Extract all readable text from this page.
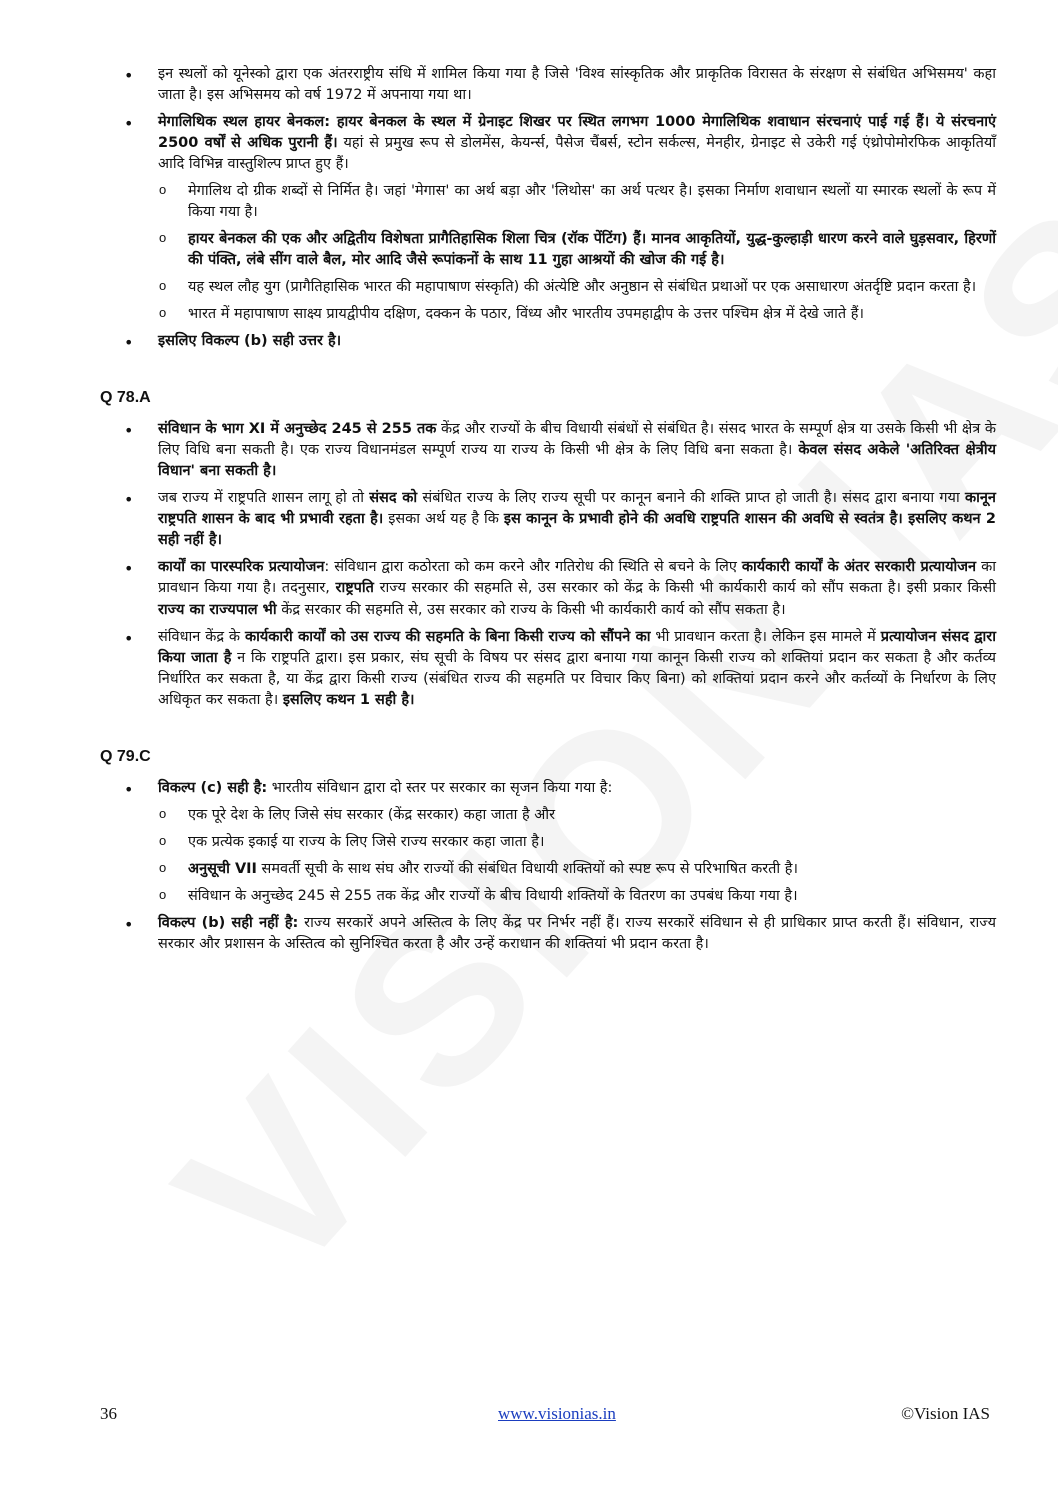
• इन स्थलों को यूनेस्को द्वारा एक अंतरराष्ट्रीय संधि में शामिल किया गया है जिसे 'विश्व सांस्कृतिक और प्राकृतिक विरासत के संरक्षण से संबंधित अभिसमय' कहा जाता है। इस अभिसमय को वर्ष 1972 में अपनाया गया था।
• मेगालिथिक स्थल हायर बेनकल: हायर बेनकल के स्थल में ग्रेनाइट शिखर पर स्थित लगभग 1000 मेगालिथिक शवाधान संरचनाएं पाई गई हैं। ये संरचनाएं 2500 वर्षों से अधिक पुरानी हैं। यहां से प्रमुख रूप से डोलमेंस, केयर्न्स, पैसेज चैंबर्स, स्टोन सर्कल्स, मेनहीर, ग्रेनाइट से उकेरी गई एंथ्रोपोमोरफिक आकृतियाँ आदि विभिन्न वास्तुशिल्प प्राप्त हुए हैं।
o मेगालिथ दो ग्रीक शब्दों से निर्मित है। जहां 'मेगास' का अर्थ बड़ा और 'लिथोस' का अर्थ पत्थर है। इसका निर्माण शवाधान स्थलों या स्मारक स्थलों के रूप में किया गया है।
o हायर बेनकल की एक और अद्वितीय विशेषता प्रागैतिहासिक शिला चित्र (रॉक पेंटिंग) हैं। मानव आकृतियों, युद्ध-कुल्हाड़ी धारण करने वाले घुड़सवार, हिरणों की पंक्ति, लंबे सींग वाले बैल, मोर आदि जैसे रूपांकनों के साथ 11 गुहा आश्रयों की खोज की गई है।
o यह स्थल लौह युग (प्रागैतिहासिक भारत की महापाषाण संस्कृति) की अंत्येष्टि और अनुष्ठान से संबंधित प्रथाओं पर एक असाधारण अंतर्दृष्टि प्रदान करता है।
o भारत में महापाषाण साक्ष्य प्रायद्वीपीय दक्षिण, दक्कन के पठार, विंध्य और भारतीय उपमहाद्वीप के उत्तर पश्चिम क्षेत्र में देखे जाते हैं।
• इसलिए विकल्प (b) सही उत्तर है।
Q 78.A
• संविधान के भाग XI में अनुच्छेद 245 से 255 तक केंद्र और राज्यों के बीच विधायी संबंधों से संबंधित है। संसद भारत के सम्पूर्ण क्षेत्र या उसके किसी भी क्षेत्र के लिए विधि बना सकती है। एक राज्य विधानमंडल सम्पूर्ण राज्य या राज्य के किसी भी क्षेत्र के लिए विधि बना सकता है। केवल संसद अकेले 'अतिरिक्त क्षेत्रीय विधान' बना सकती है।
• जब राज्य में राष्ट्रपति शासन लागू हो तो संसद को संबंधित राज्य के लिए राज्य सूची पर कानून बनाने की शक्ति प्राप्त हो जाती है। संसद द्वारा बनाया गया कानून राष्ट्रपति शासन के बाद भी प्रभावी रहता है। इसका अर्थ यह है कि इस कानून के प्रभावी होने की अवधि राष्ट्रपति शासन की अवधि से स्वतंत्र है। इसलिए कथन 2 सही नहीं है।
• कार्यों का पारस्परिक प्रत्यायोजन: संविधान द्वारा कठोरता को कम करने और गतिरोध की स्थिति से बचने के लिए कार्यकारी कार्यों के अंतर सरकारी प्रत्यायोजन का प्रावधान किया गया है। तदनुसार, राष्ट्रपति राज्य सरकार की सहमति से, उस सरकार को केंद्र के किसी भी कार्यकारी कार्य को सौंप सकता है। इसी प्रकार किसी राज्य का राज्यपाल भी केंद्र सरकार की सहमति से, उस सरकार को राज्य के किसी भी कार्यकारी कार्य को सौंप सकता है।
• संविधान केंद्र के कार्यकारी कार्यों को उस राज्य की सहमति के बिना किसी राज्य को सौंपने का भी प्रावधान करता है। लेकिन इस मामले में प्रत्यायोजन संसद द्वारा किया जाता है न कि राष्ट्रपति द्वारा। इस प्रकार, संघ सूची के विषय पर संसद द्वारा बनाया गया कानून किसी राज्य को शक्तियां प्रदान कर सकता है और कर्तव्य निर्धारित कर सकता है, या केंद्र द्वारा किसी राज्य (संबंधित राज्य की सहमति पर विचार किए बिना) को शक्तियां प्रदान करने और कर्तव्यों के निर्धारण के लिए अधिकृत कर सकता है। इसलिए कथन 1 सही है।
Q 79.C
• विकल्प (c) सही है: भारतीय संविधान द्वारा दो स्तर पर सरकार का सृजन किया गया है:
o एक पूरे देश के लिए जिसे संघ सरकार (केंद्र सरकार) कहा जाता है और
o एक प्रत्येक इकाई या राज्य के लिए जिसे राज्य सरकार कहा जाता है।
o अनुसूची VII समवर्ती सूची के साथ संघ और राज्यों की संबंधित विधायी शक्तियों को स्पष्ट रूप से परिभाषित करती है।
o संविधान के अनुच्छेद 245 से 255 तक केंद्र और राज्यों के बीच विधायी शक्तियों के वितरण का उपबंध किया गया है।
• विकल्प (b) सही नहीं है: राज्य सरकारें अपने अस्तित्व के लिए केंद्र पर निर्भर नहीं हैं। राज्य सरकारें संविधान से ही प्राधिकार प्राप्त करती हैं। संविधान, राज्य सरकार और प्रशासन के अस्तित्व को सुनिश्चित करता है और उन्हें कराधान की शक्तियां भी प्रदान करता है।
36	www.visionias.in	©Vision IAS
